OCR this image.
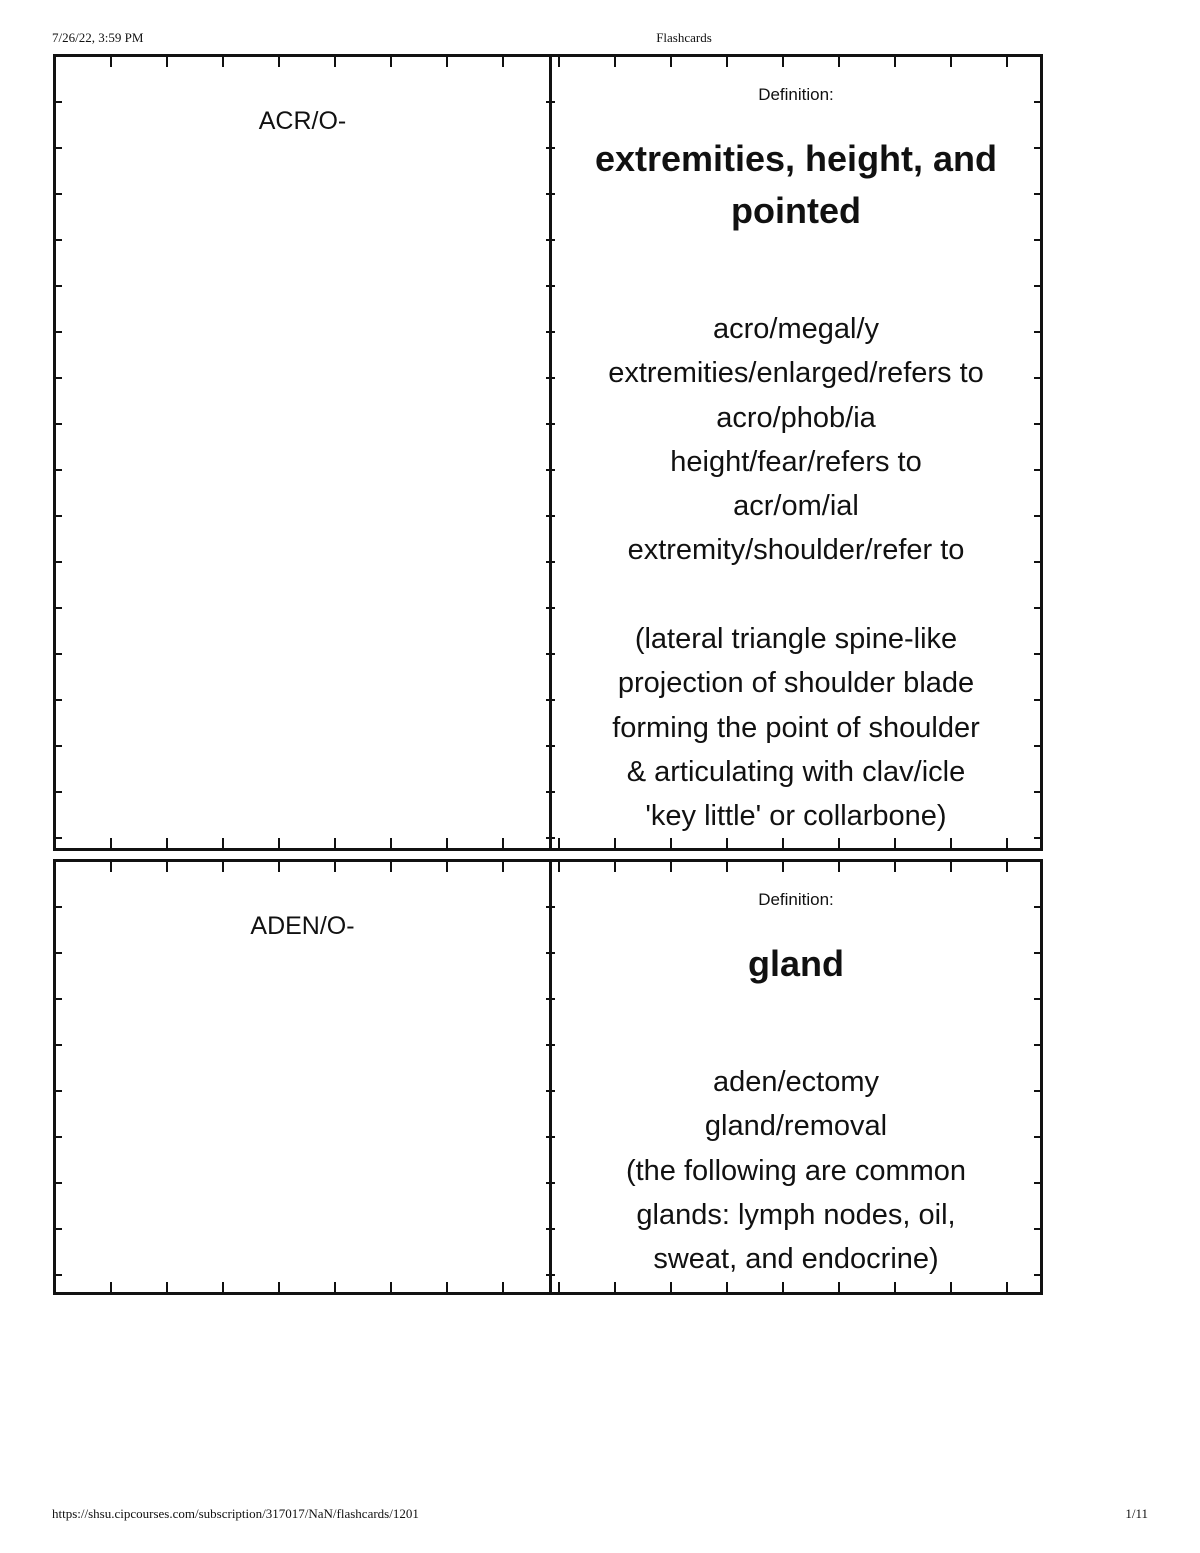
7/26/22, 3:59 PM	Flashcards
ACR/O-
Definition:
extremities, height, and pointed
acro/megal/y
extremities/enlarged/refers to
acro/phob/ia
height/fear/refers to
acr/om/ial
extremity/shoulder/refer to
(lateral triangle spine-like
projection of shoulder blade
forming the point of shoulder
& articulating with clav/icle
'key little' or collarbone)
ADEN/O-
Definition:
gland
aden/ectomy
gland/removal
(the following are common
glands: lymph nodes, oil,
sweat, and endocrine)
https://shsu.cipcourses.com/subscription/317017/NaN/flashcards/1201	1/11
